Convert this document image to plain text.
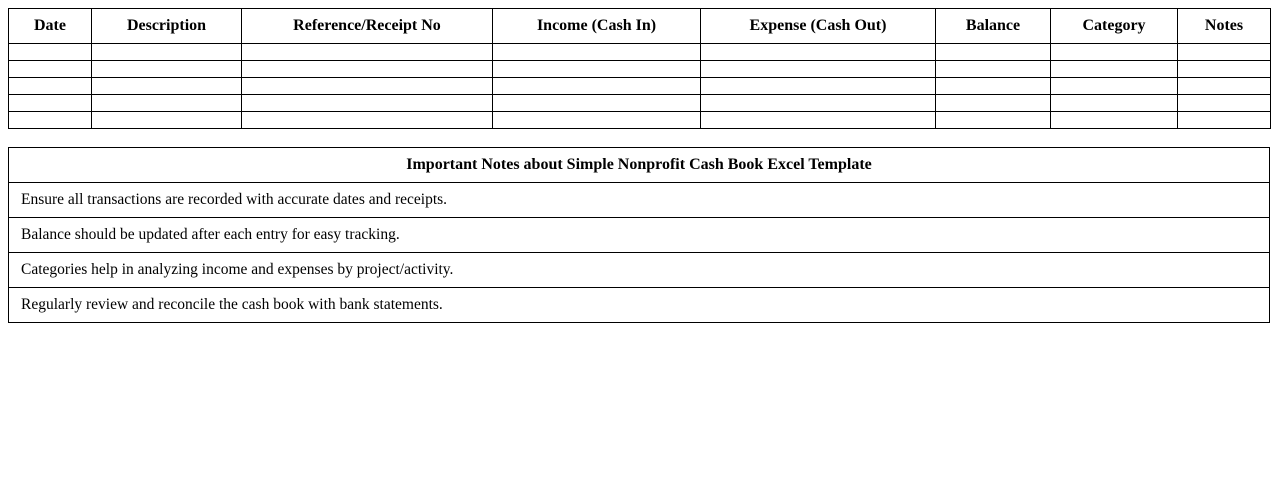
Date	Description	Reference/Receipt No	Income (Cash In)	Expense (Cash Out)	Balance	Category	Notes

Important Notes about Simple Nonprofit Cash Book Excel Template
Ensure all transactions are recorded with accurate dates and receipts.
Balance should be updated after each entry for easy tracking.
Categories help in analyzing income and expenses by project/activity.
Regularly review and reconcile the cash book with bank statements.
